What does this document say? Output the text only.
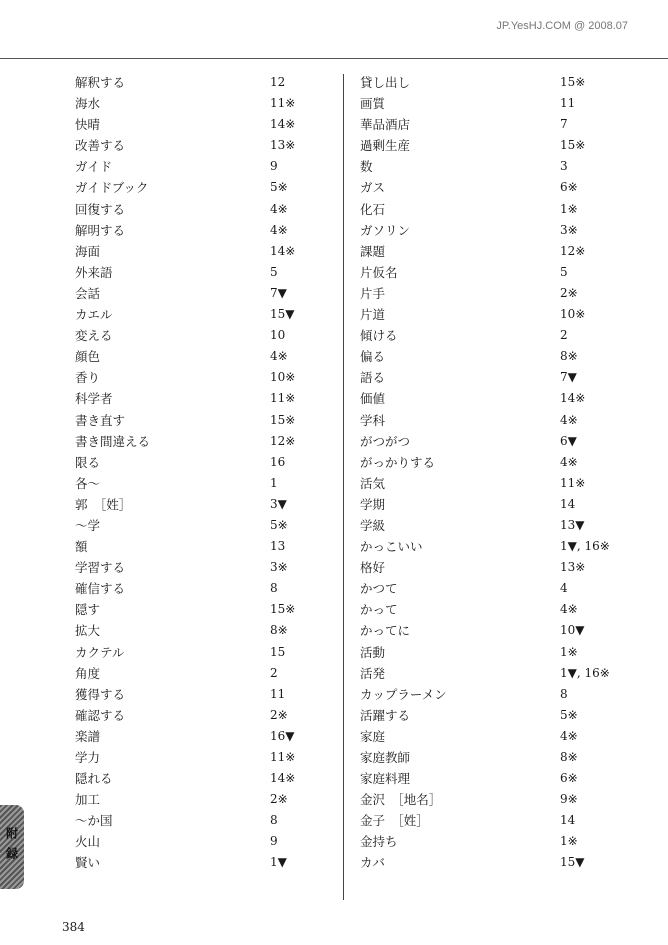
JP.YesHJ.COM @ 2008.07
解釈する	12
海水	11※
快晴	14※
改善する	13※
ガイド	9
ガイドブック	5※
回復する	4※
解明する	4※
海面	14※
外来語	5
会話	7▼
カエル	15▼
変える	10
顔色	4※
香り	10※
科学者	11※
書き直す	15※
書き間違える	12※
限る	16
各～	1
郭　［姓］	3▼
～学	5※
額	13
学習する	3※
確信する	8
隠す	15※
拡大	8※
カクテル	15
角度	2
獲得する	11
確認する	2※
楽譜	16▼
学力	11※
隠れる	14※
加工	2※
～か国	8
火山	9
賢い	1▼
貸し出し	15※
画質	11
華品酒店	7
過剰生産	15※
数	3
ガス	6※
化石	1※
ガソリン	3※
課題	12※
片仮名	5
片手	2※
片道	10※
傾ける	2
偏る	8※
語る	7▼
価値	14※
学科	4※
がつがつ	6▼
がっかりする	4※
活気	11※
学期	14
学級	13▼
かっこいい	1▼, 16※
格好	13※
かつて	4
かって	4※
かってに	10▼
活動	1※
活発	1▼, 16※
カップラーメン	8
活躍する	5※
家庭	4※
家庭教師	8※
家庭料理	6※
金沢　［地名］	9※
金子　［姓］	14
金持ち	1※
カバ	15▼
附録
384
